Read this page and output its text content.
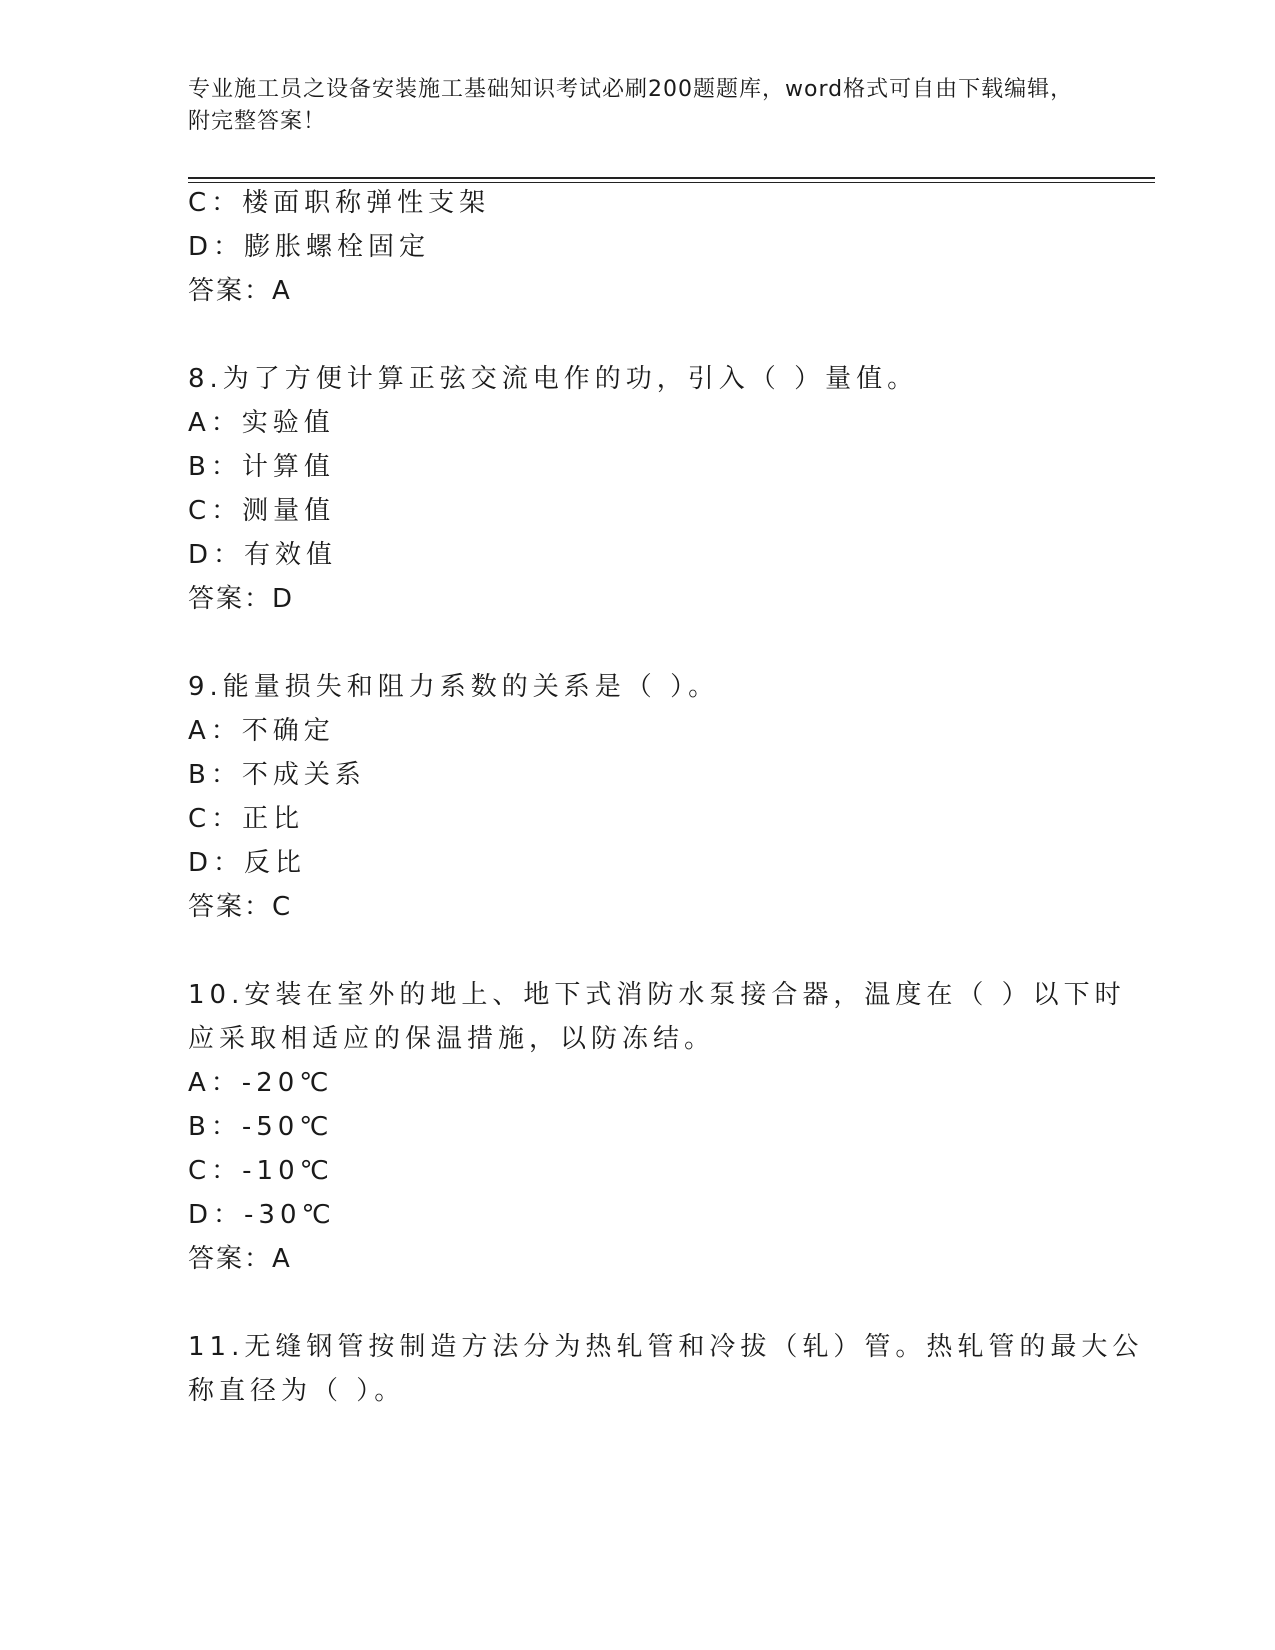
专业施工员之设备安装施工基础知识考试必刷200题题库，word格式可自由下载编辑，附完整答案！
C：楼面职称弹性支架
D：膨胀螺栓固定
答案：A
8.为了方便计算正弦交流电作的功，引入（ ）量值。
A：实验值
B：计算值
C：测量值
D：有效值
答案：D
9.能量损失和阻力系数的关系是（ ）。
A：不确定
B：不成关系
C：正比
D：反比
答案：C
10.安装在室外的地上、地下式消防水泵接合器，温度在（ ）以下时
应采取相适应的保温措施，以防冻结。
A：-20℃
B：-50℃
C：-10℃
D：-30℃
答案：A
11.无缝钢管按制造方法分为热轧管和冷拔（轧）管。热轧管的最大公
称直径为（ ）。
